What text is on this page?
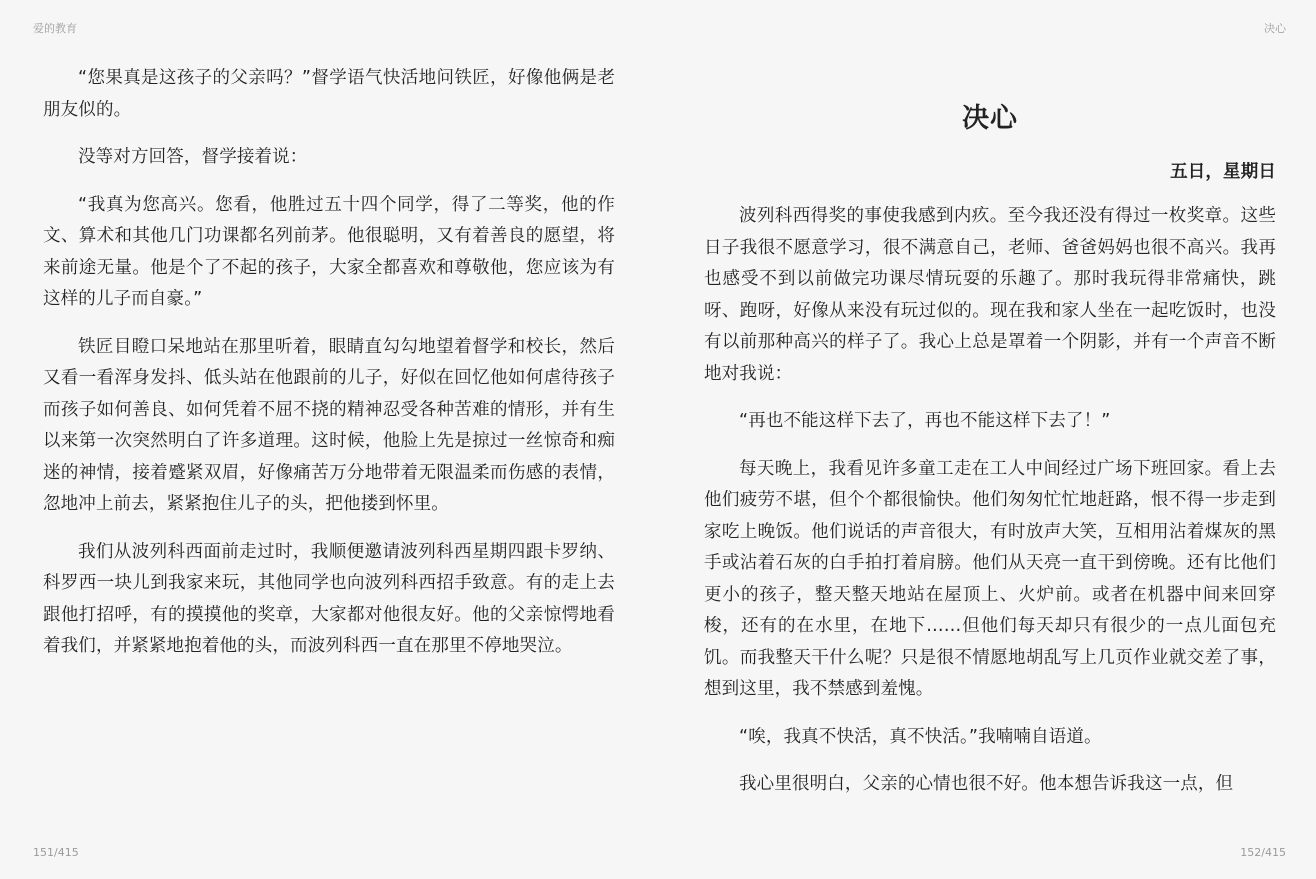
爱的教育	决心

“您果真是这孩子的父亲吗？”督学语气快活地问铁匠，好像他俩是老朋友似的。

没等对方回答，督学接着说：

“我真为您高兴。您看，他胜过五十四个同学，得了二等奖，他的作文、算术和其他几门功课都名列前茅。他很聪明，又有着善良的愿望，将来前途无量。他是个了不起的孩子，大家全都喜欢和尊敬他，您应该为有这样的儿子而自豪。”

铁匠目瞪口呆地站在那里听着，眼睛直勾勾地望着督学和校长，然后又看一看浑身发抖、低头站在他跟前的儿子，好似在回忆他如何虐待孩子而孩子如何善良、如何凭着不屈不挠的精神忍受各种苦难的情形，并有生以来第一次突然明白了许多道理。这时候，他脸上先是掠过一丝惊奇和痴迷的神情，接着蹙紧双眉，好像痛苦万分地带着无限温柔而伤感的表情，忽地冲上前去，紧紧抱住儿子的头，把他搂到怀里。

我们从波列科西面前走过时，我顺便邀请波列科西星期四跟卡罗纳、科罗西一块儿到我家来玩，其他同学也向波列科西招手致意。有的走上去跟他打招呼，有的摸摸他的奖章，大家都对他很友好。他的父亲惊愕地看着我们，并紧紧地抱着他的头，而波列科西一直在那里不停地哭泣。

决心
五日，星期日

波列科西得奖的事使我感到内疚。至今我还没有得过一枚奖章。这些日子我很不愿意学习，很不满意自己，老师、爸爸妈妈也很不高兴。我再也感受不到以前做完功课尽情玩耍的乐趣了。那时我玩得非常痛快，跳呀、跑呀，好像从来没有玩过似的。现在我和家人坐在一起吃饭时，也没有以前那种高兴的样子了。我心上总是罩着一个阴影，并有一个声音不断地对我说：

“再也不能这样下去了，再也不能这样下去了！”

每天晚上，我看见许多童工走在工人中间经过广场下班回家。看上去他们疲劳不堪，但个个都很愉快。他们匆匆忙忙地赶路，恨不得一步走到家吃上晚饭。他们说话的声音很大，有时放声大笑，互相用沾着煤灰的黑手或沾着石灰的白手拍打着肩膀。他们从天亮一直干到傍晚。还有比他们更小的孩子，整天整天地站在屋顶上、火炉前。或者在机器中间来回穿梭，还有的在水里，在地下……但他们每天却只有很少的一点儿面包充饥。而我整天干什么呢？只是很不情愿地胡乱写上几页作业就交差了事，想到这里，我不禁感到羞愧。

“唉，我真不快活，真不快活。”我喃喃自语道。

我心里很明白，父亲的心情也很不好。他本想告诉我这一点，但

151/415	152/415
